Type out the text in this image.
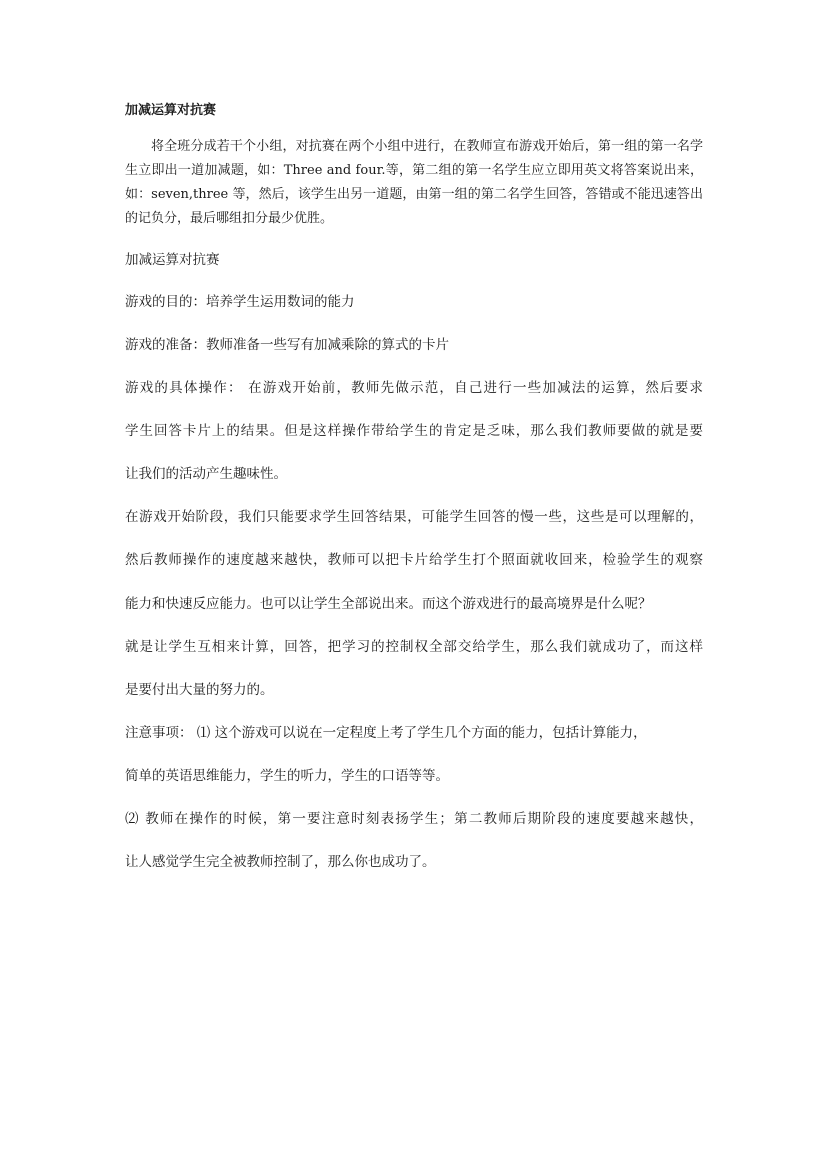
加减运算对抗赛
将全班分成若干个小组，对抗赛在两个小组中进行，在教师宣布游戏开始后，第一组的第一名学生立即出一道加减题，如：Three and four.等，第二组的第一名学生应立即用英文将答案说出来，如：seven,three 等，然后，该学生出另一道题，由第一组的第二名学生回答，答错或不能迅速答出的记负分，最后哪组扣分最少优胜。
加减运算对抗赛
游戏的目的：培养学生运用数词的能力
游戏的准备：教师准备一些写有加减乘除的算式的卡片
游戏的具体操作： 在游戏开始前，教师先做示范，自己进行一些加减法的运算，然后要求
学生回答卡片上的结果。但是这样操作带给学生的肯定是乏味，那么我们教师要做的就是要
让我们的活动产生趣味性。
在游戏开始阶段，我们只能要求学生回答结果，可能学生回答的慢一些，这些是可以理解的，
然后教师操作的速度越来越快，教师可以把卡片给学生打个照面就收回来，检验学生的观察
能力和快速反应能力。也可以让学生全部说出来。而这个游戏进行的最高境界是什么呢？
就是让学生互相来计算，回答，把学习的控制权全部交给学生，那么我们就成功了，而这样
是要付出大量的努力的。
注意事项： ⑴ 这个游戏可以说在一定程度上考了学生几个方面的能力，包括计算能力，
简单的英语思维能力，学生的听力，学生的口语等等。
⑵ 教师在操作的时候，第一要注意时刻表扬学生；第二教师后期阶段的速度要越来越快，
让人感觉学生完全被教师控制了，那么你也成功了。
